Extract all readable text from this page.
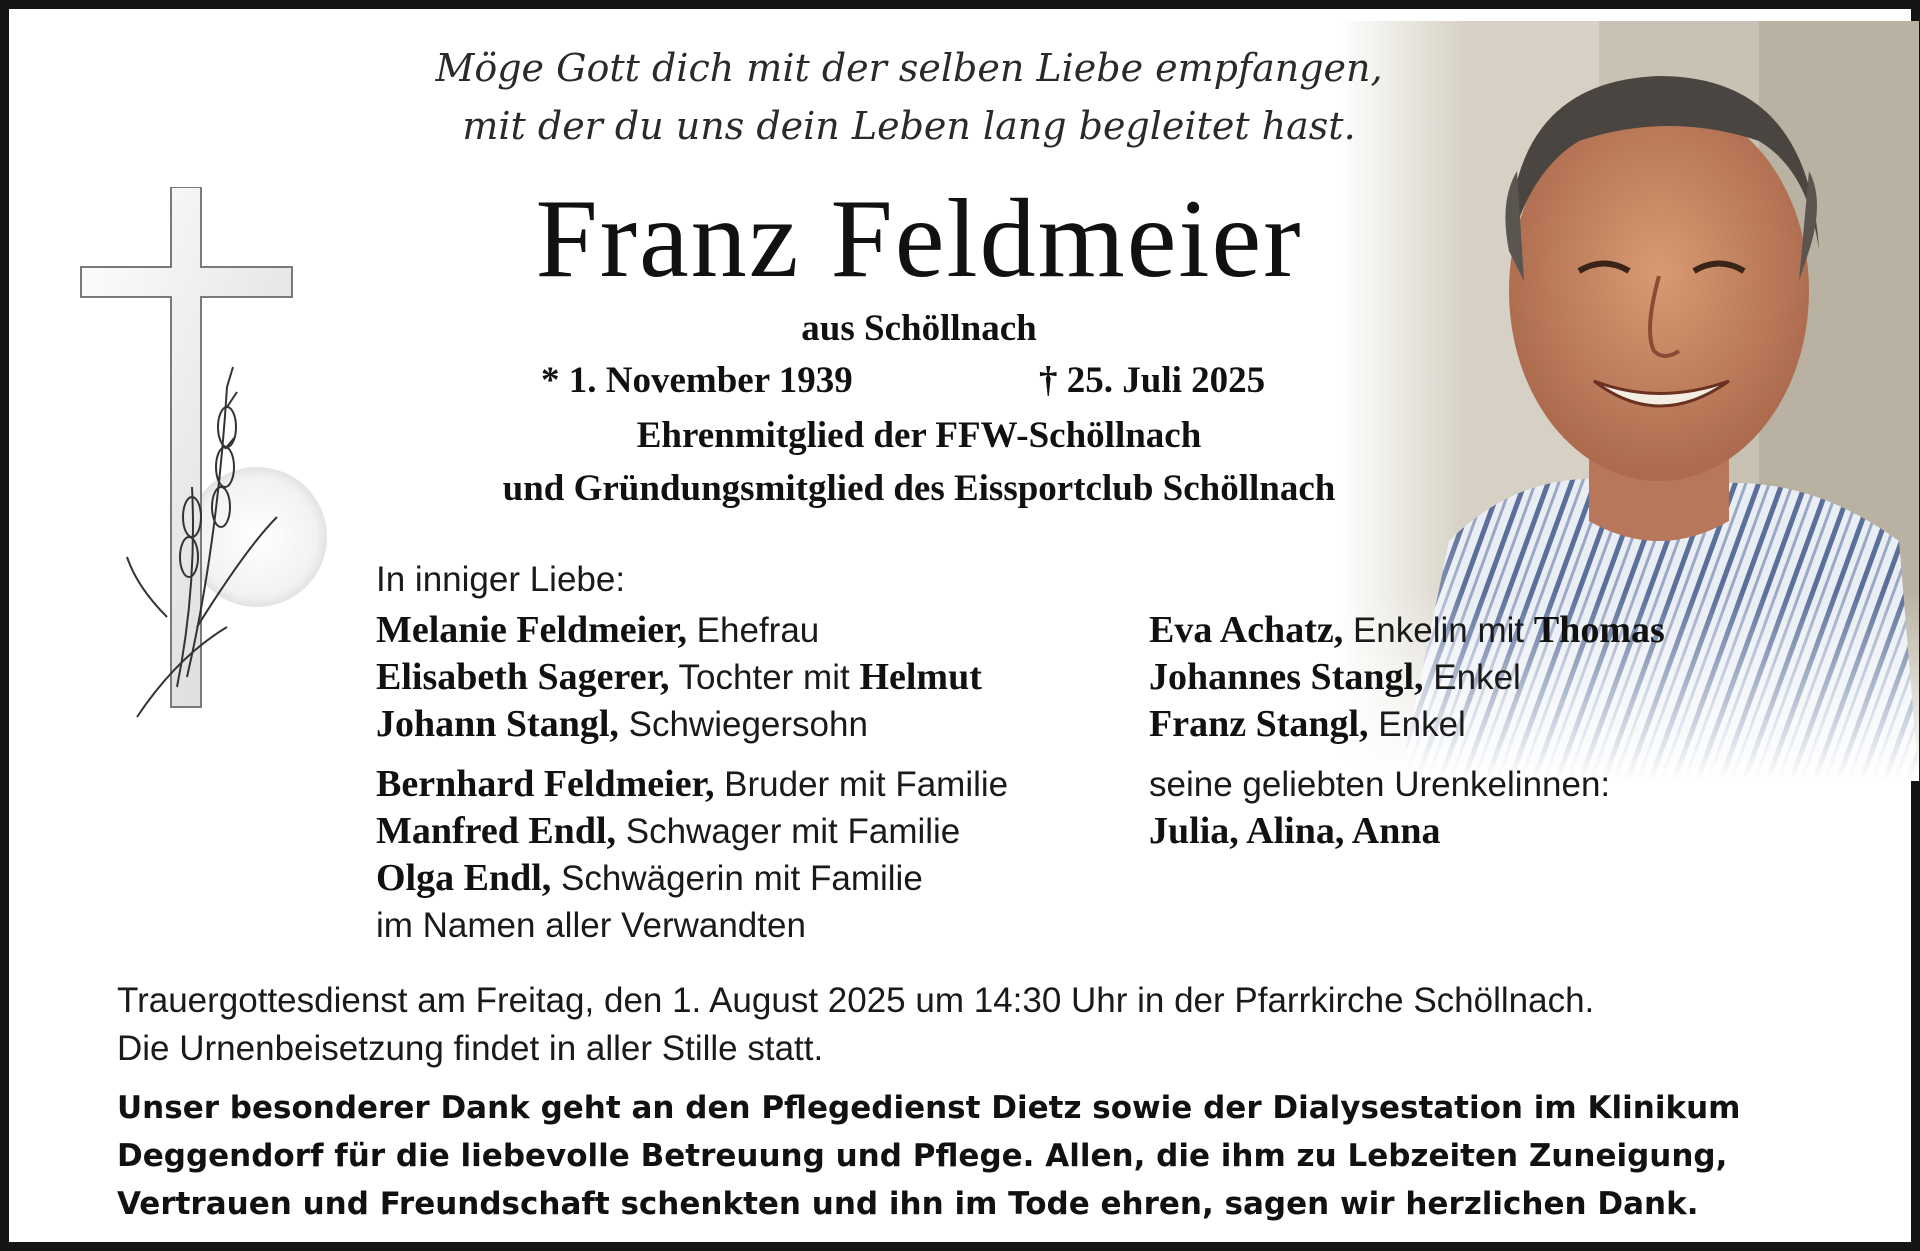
Möge Gott dich mit der selben Liebe empfangen,
mit der du uns dein Leben lang begleitet hast.
Franz Feldmeier
aus Schöllnach
* 1. November 1939	† 25. Juli 2025
Ehrenmitglied der FFW-Schöllnach
und Gründungsmitglied des Eissportclub Schöllnach
In inniger Liebe:
Melanie Feldmeier, Ehefrau
Elisabeth Sagerer, Tochter mit Helmut
Johann Stangl, Schwiegersohn
Bernhard Feldmeier, Bruder mit Familie
Manfred Endl, Schwager mit Familie
Olga Endl, Schwägerin mit Familie
im Namen aller Verwandten
Eva Achatz, Enkelin mit Thomas
Johannes Stangl, Enkel
Franz Stangl, Enkel
seine geliebten Urenkelinnen:
Julia, Alina, Anna
Trauergottesdienst am Freitag, den 1. August 2025 um 14:30 Uhr in der Pfarrkirche Schöllnach.
Die Urnenbeisetzung findet in aller Stille statt.
Unser besonderer Dank geht an den Pflegedienst Dietz sowie der Dialysestation im Klinikum
Deggendorf für die liebevolle Betreuung und Pflege. Allen, die ihm zu Lebzeiten Zuneigung,
Vertrauen und Freundschaft schenkten und ihn im Tode ehren, sagen wir herzlichen Dank.
